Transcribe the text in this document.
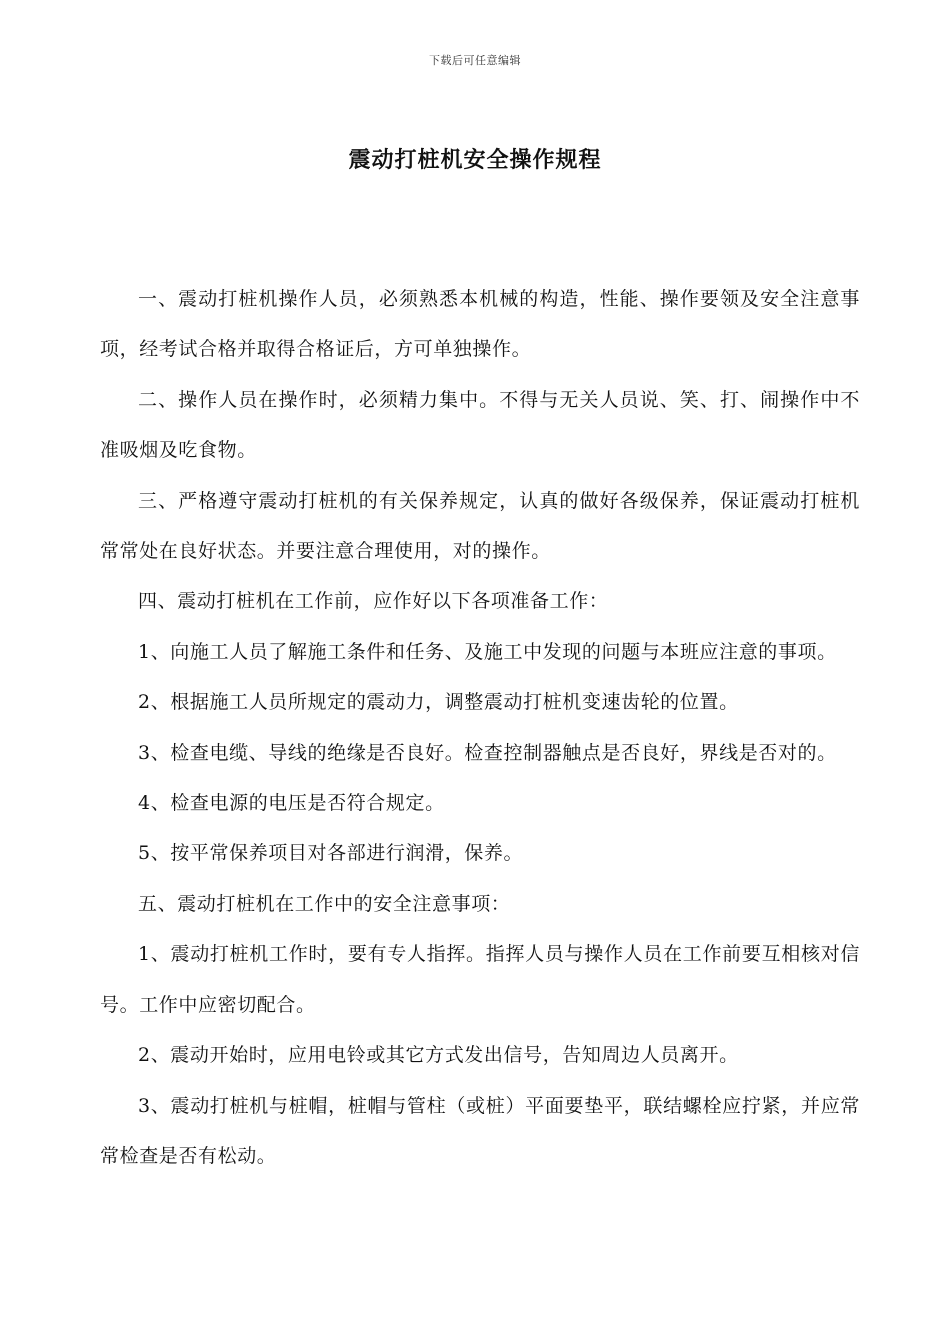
下载后可任意编辑
震动打桩机安全操作规程

一、震动打桩机操作人员，必须熟悉本机械的构造，性能、操作要领及安全注意事项，经考试合格并取得合格证后，方可单独操作。

二、操作人员在操作时，必须精力集中。不得与无关人员说、笑、打、闹操作中不准吸烟及吃食物。

三、严格遵守震动打桩机的有关保养规定，认真的做好各级保养，保证震动打桩机常常处在良好状态。并要注意合理使用，对的操作。

四、震动打桩机在工作前，应作好以下各项准备工作：

1、向施工人员了解施工条件和任务、及施工中发现的问题与本班应注意的事项。

2、根据施工人员所规定的震动力，调整震动打桩机变速齿轮的位置。

3、检查电缆、导线的绝缘是否良好。检查控制器触点是否良好，界线是否对的。

4、检查电源的电压是否符合规定。

5、按平常保养项目对各部进行润滑，保养。

五、震动打桩机在工作中的安全注意事项：

1、震动打桩机工作时，要有专人指挥。指挥人员与操作人员在工作前要互相核对信号。工作中应密切配合。

2、震动开始时，应用电铃或其它方式发出信号，告知周边人员离开。

3、震动打桩机与桩帽，桩帽与管柱（或桩）平面要垫平，联结螺栓应拧紧，并应常常检查是否有松动。
